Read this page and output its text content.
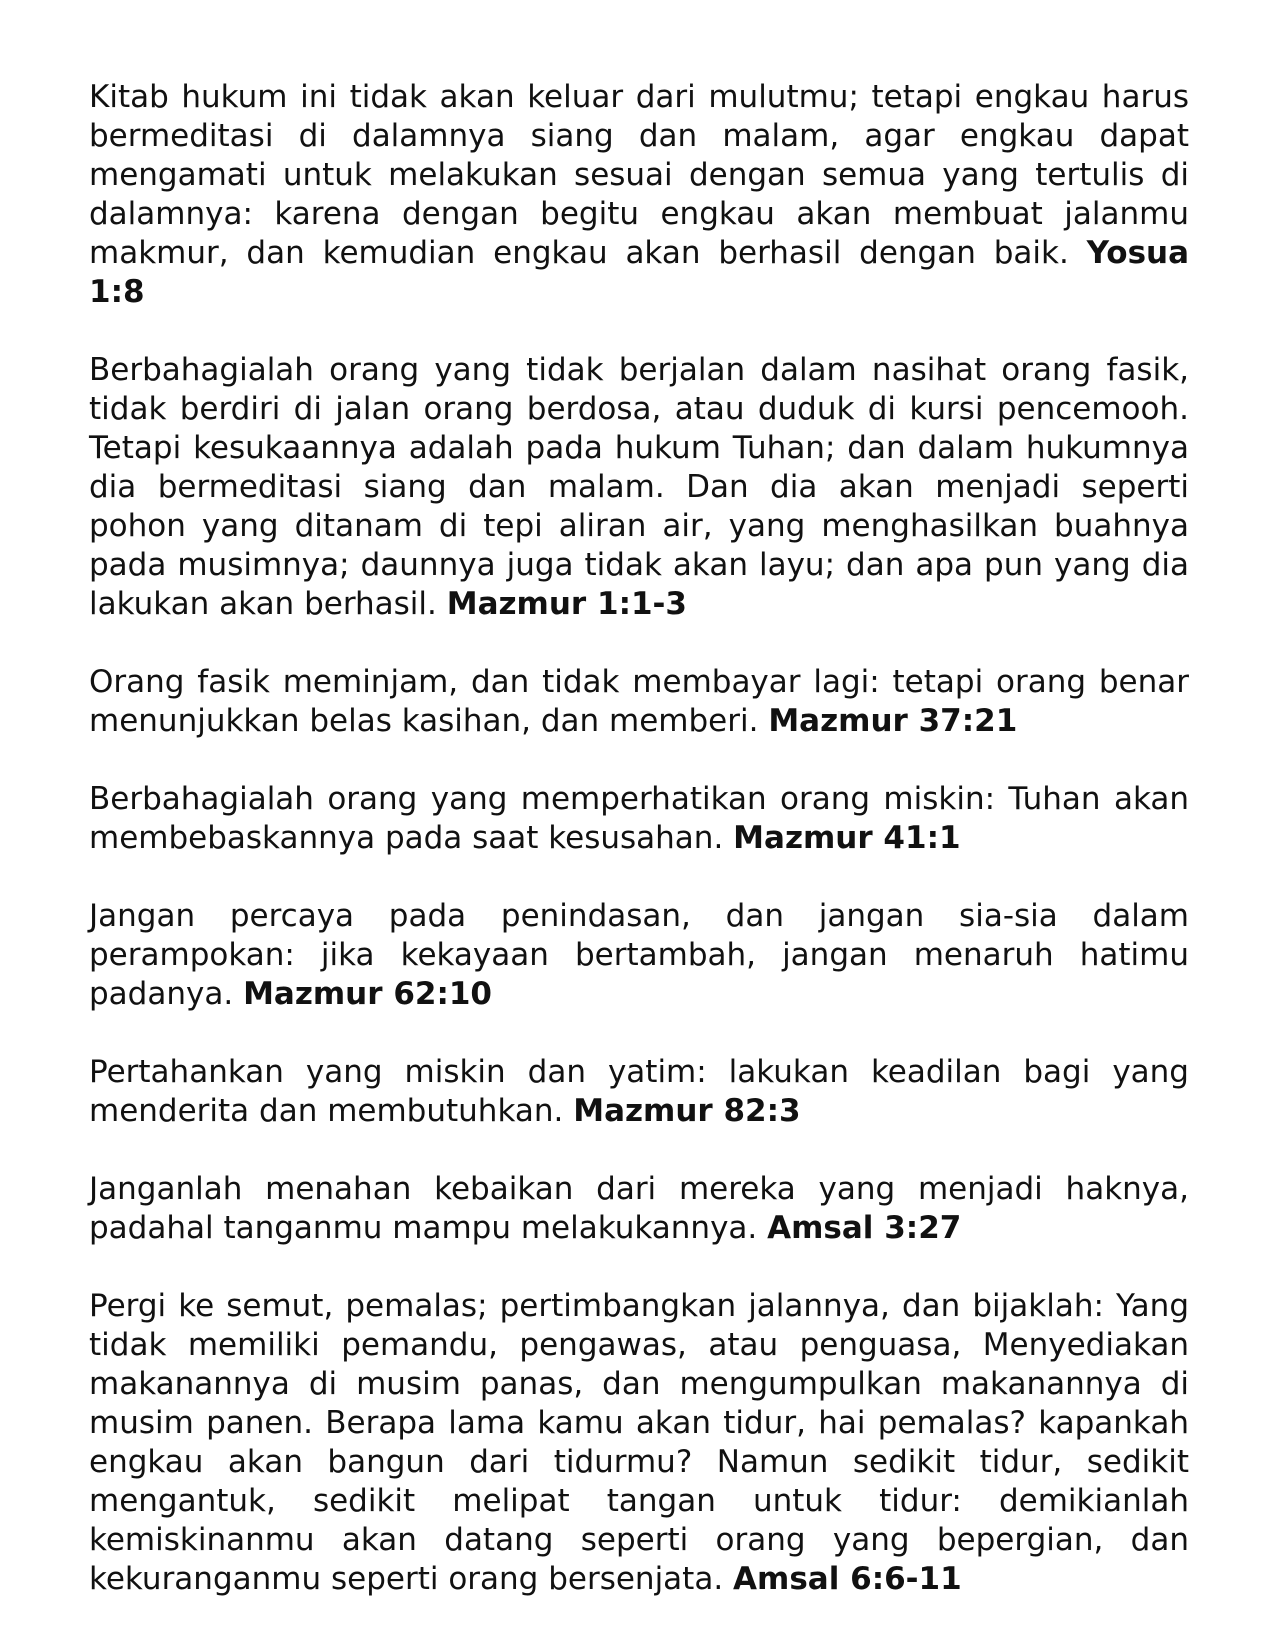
Kitab hukum ini tidak akan keluar dari mulutmu; tetapi engkau harus bermeditasi di dalamnya siang dan malam, agar engkau dapat mengamati untuk melakukan sesuai dengan semua yang tertulis di dalamnya: karena dengan begitu engkau akan membuat jalanmu makmur, dan kemudian engkau akan berhasil dengan baik. Yosua 1:8

Berbahagialah orang yang tidak berjalan dalam nasihat orang fasik, tidak berdiri di jalan orang berdosa, atau duduk di kursi pencemooh. Tetapi kesukaannya adalah pada hukum Tuhan; dan dalam hukumnya dia bermeditasi siang dan malam. Dan dia akan menjadi seperti pohon yang ditanam di tepi aliran air, yang menghasilkan buahnya pada musimnya; daunnya juga tidak akan layu; dan apa pun yang dia lakukan akan berhasil. Mazmur 1:1-3

Orang fasik meminjam, dan tidak membayar lagi: tetapi orang benar menunjukkan belas kasihan, dan memberi. Mazmur 37:21

Berbahagialah orang yang memperhatikan orang miskin: Tuhan akan membebaskannya pada saat kesusahan. Mazmur 41:1

Jangan percaya pada penindasan, dan jangan sia-sia dalam perampokan: jika kekayaan bertambah, jangan menaruh hatimu padanya. Mazmur 62:10

Pertahankan yang miskin dan yatim: lakukan keadilan bagi yang menderita dan membutuhkan. Mazmur 82:3

Janganlah menahan kebaikan dari mereka yang menjadi haknya, padahal tanganmu mampu melakukannya. Amsal 3:27

Pergi ke semut, pemalas; pertimbangkan jalannya, dan bijaklah: Yang tidak memiliki pemandu, pengawas, atau penguasa, Menyediakan makanannya di musim panas, dan mengumpulkan makanannya di musim panen. Berapa lama kamu akan tidur, hai pemalas? kapankah engkau akan bangun dari tidurmu? Namun sedikit tidur, sedikit mengantuk, sedikit melipat tangan untuk tidur: demikianlah kemiskinanmu akan datang seperti orang yang bepergian, dan kekuranganmu seperti orang bersenjata. Amsal 6:6-11
